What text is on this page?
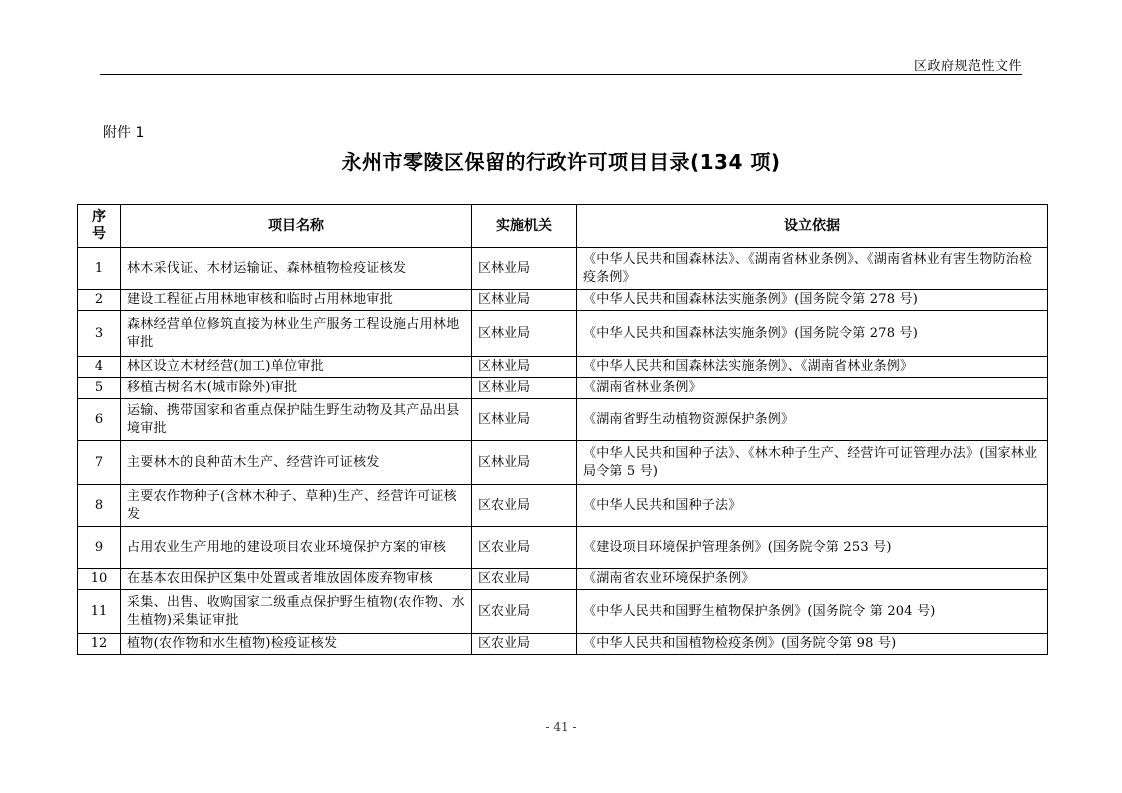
区政府规范性文件
附件 1
永州市零陵区保留的行政许可项目目录(134 项)
序
号	项目名称	实施机关	设立依据
1	林木采伐证、木材运输证、森林植物检疫证核发	区林业局	《中华人民共和国森林法》、《湖南省林业条例》、《湖南省林业有害生物防治检疫条例》
2	建设工程征占用林地审核和临时占用林地审批	区林业局	《中华人民共和国森林法实施条例》(国务院令第 278 号)
3	森林经营单位修筑直接为林业生产服务工程设施占用林地审批	区林业局	《中华人民共和国森林法实施条例》(国务院令第 278 号)
4	林区设立木材经营(加工)单位审批	区林业局	《中华人民共和国森林法实施条例》、《湖南省林业条例》
5	移植古树名木(城市除外)审批	区林业局	《湖南省林业条例》
6	运输、携带国家和省重点保护陆生野生动物及其产品出县境审批	区林业局	《湖南省野生动植物资源保护条例》
7	主要林木的良种苗木生产、经营许可证核发	区林业局	《中华人民共和国种子法》、《林木种子生产、经营许可证管理办法》(国家林业局令第 5 号)
8	主要农作物种子(含林木种子、草种)生产、经营许可证核发	区农业局	《中华人民共和国种子法》
9	占用农业生产用地的建设项目农业环境保护方案的审核	区农业局	《建设项目环境保护管理条例》(国务院令第 253 号)
10	在基本农田保护区集中处置或者堆放固体废弃物审核	区农业局	《湖南省农业环境保护条例》
11	采集、出售、收购国家二级重点保护野生植物(农作物、水生植物)采集证审批	区农业局	《中华人民共和国野生植物保护条例》(国务院令 第 204 号)
12	植物(农作物和水生植物)检疫证核发	区农业局	《中华人民共和国植物检疫条例》(国务院令第 98 号)
- 41 -
